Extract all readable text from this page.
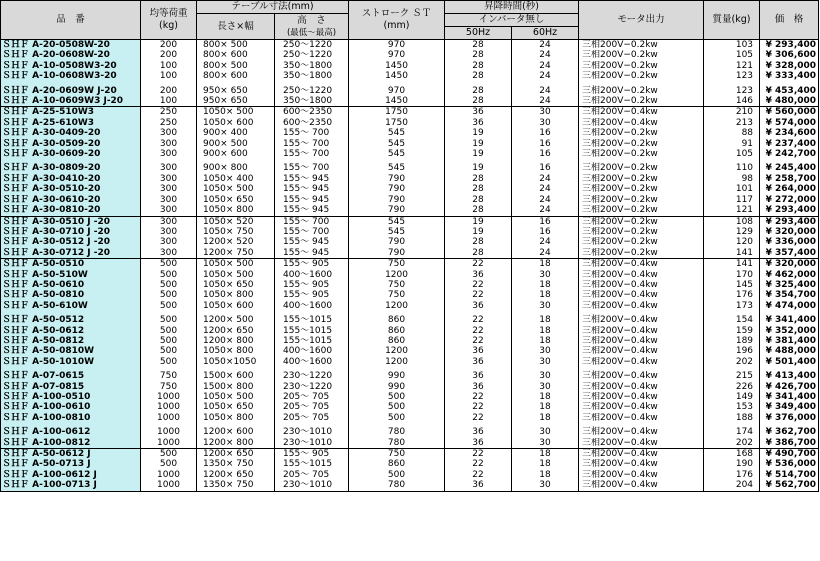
品　番	均等荷重
(kg)	テーブル寸法(mm)		ストローク ＳＴ
(mm)	昇降時間(秒)		モータ出力	質量(kg)	価　格
		長さ×幅	高　さ
(最低〜最高)		インバータ無し				
					50Hz	60Hz			
ＳＨＦ A-20-0508W-20	200	800× 500	250〜1220	970	28	24	三相200V−0.2kw	103	¥ 293,400
ＳＨＦ A-20-0608W-20	200	800× 600	250〜1220	970	28	24	三相200V−0.2kw	105	¥ 306,600
ＳＨＦ A-10-0508W3-20	100	800× 500	350〜1800	1450	28	24	三相200V−0.2kw	121	¥ 328,000
ＳＨＦ A-10-0608W3-20	100	800× 600	350〜1800	1450	28	24	三相200V−0.2kw	123	¥ 333,400
ＳＨＦ A-20-0609W J-20	200	950× 650	250〜1220	970	28	24	三相200V−0.2kw	123	¥ 453,400
ＳＨＦ A-10-0609W3 J-20	100	950× 650	350〜1800	1450	28	24	三相200V−0.2kw	146	¥ 480,000
ＳＨＦ A-25-510W3	250	1050× 500	600〜2350	1750	36	30	三相200V−0.4kw	210	¥ 560,000
ＳＨＦ A-25-610W3	250	1050× 600	600〜2350	1750	36	30	三相200V−0.4kw	213	¥ 574,000
ＳＨＦ A-30-0409-20	300	900× 400	155〜 700	545	19	16	三相200V−0.2kw	88	¥ 234,600
ＳＨＦ A-30-0509-20	300	900× 500	155〜 700	545	19	16	三相200V−0.2kw	91	¥ 237,400
ＳＨＦ A-30-0609-20	300	900× 600	155〜 700	545	19	16	三相200V−0.2kw	105	¥ 242,700
ＳＨＦ A-30-0809-20	300	900× 800	155〜 700	545	19	16	三相200V−0.2kw	110	¥ 245,400
ＳＨＦ A-30-0410-20	300	1050× 400	155〜 945	790	28	24	三相200V−0.2kw	98	¥ 258,700
ＳＨＦ A-30-0510-20	300	1050× 500	155〜 945	790	28	24	三相200V−0.2kw	101	¥ 264,000
ＳＨＦ A-30-0610-20	300	1050× 650	155〜 945	790	28	24	三相200V−0.2kw	117	¥ 272,000
ＳＨＦ A-30-0810-20	300	1050× 800	155〜 945	790	28	24	三相200V−0.2kw	121	¥ 293,400
ＳＨＦ A-30-0510 J -20	300	1050× 520	155〜 700	545	19	16	三相200V−0.2kw	108	¥ 293,400
ＳＨＦ A-30-0710 J -20	300	1050× 750	155〜 700	545	19	16	三相200V−0.2kw	129	¥ 320,000
ＳＨＦ A-30-0512 J -20	300	1200× 520	155〜 945	790	28	24	三相200V−0.2kw	120	¥ 336,000
ＳＨＦ A-30-0712 J -20	300	1200× 750	155〜 945	790	28	24	三相200V−0.2kw	141	¥ 357,400
ＳＨＦ A-50-0510	500	1050× 500	155〜 905	750	22	18	三相200V−0.4kw	141	¥ 320,000
ＳＨＦ A-50-510W	500	1050× 500	400〜1600	1200	36	30	三相200V−0.4kw	170	¥ 462,000
ＳＨＦ A-50-0610	500	1050× 650	155〜 905	750	22	18	三相200V−0.4kw	145	¥ 325,400
ＳＨＦ A-50-0810	500	1050× 800	155〜 905	750	22	18	三相200V−0.4kw	176	¥ 354,700
ＳＨＦ A-50-610W	500	1050× 600	400〜1600	1200	36	30	三相200V−0.4kw	173	¥ 474,000
ＳＨＦ A-50-0512	500	1200× 500	155〜1015	860	22	18	三相200V−0.4kw	154	¥ 341,400
ＳＨＦ A-50-0612	500	1200× 650	155〜1015	860	22	18	三相200V−0.4kw	159	¥ 352,000
ＳＨＦ A-50-0812	500	1200× 800	155〜1015	860	22	18	三相200V−0.4kw	189	¥ 381,400
ＳＨＦ A-50-0810W	500	1050× 800	400〜1600	1200	36	30	三相200V−0.4kw	196	¥ 488,000
ＳＨＦ A-50-1010W	500	1050×1050	400〜1600	1200	36	30	三相200V−0.4kw	202	¥ 501,400
ＳＨＦ A-07-0615	750	1500× 600	230〜1220	990	36	30	三相200V−0.4kw	215	¥ 413,400
ＳＨＦ A-07-0815	750	1500× 800	230〜1220	990	36	30	三相200V−0.4kw	226	¥ 426,700
ＳＨＦ A-100-0510	1000	1050× 500	205〜 705	500	22	18	三相200V−0.4kw	149	¥ 341,400
ＳＨＦ A-100-0610	1000	1050× 650	205〜 705	500	22	18	三相200V−0.4kw	153	¥ 349,400
ＳＨＦ A-100-0810	1000	1050× 800	205〜 705	500	22	18	三相200V−0.4kw	188	¥ 376,000
ＳＨＦ A-100-0612	1000	1200× 600	230〜1010	780	36	30	三相200V−0.4kw	174	¥ 362,700
ＳＨＦ A-100-0812	1000	1200× 800	230〜1010	780	36	30	三相200V−0.4kw	202	¥ 386,700
ＳＨＦ A-50-0612 J	500	1200× 650	155〜 905	750	22	18	三相200V−0.4kw	168	¥ 490,700
ＳＨＦ A-50-0713 J	500	1350× 750	155〜1015	860	22	18	三相200V−0.4kw	190	¥ 536,000
ＳＨＦ A-100-0612 J	1000	1200× 650	205〜 705	500	22	18	三相200V−0.4kw	176	¥ 514,700
ＳＨＦ A-100-0713 J	1000	1350× 750	230〜1010	780	36	30	三相200V−0.4kw	204	¥ 562,700
